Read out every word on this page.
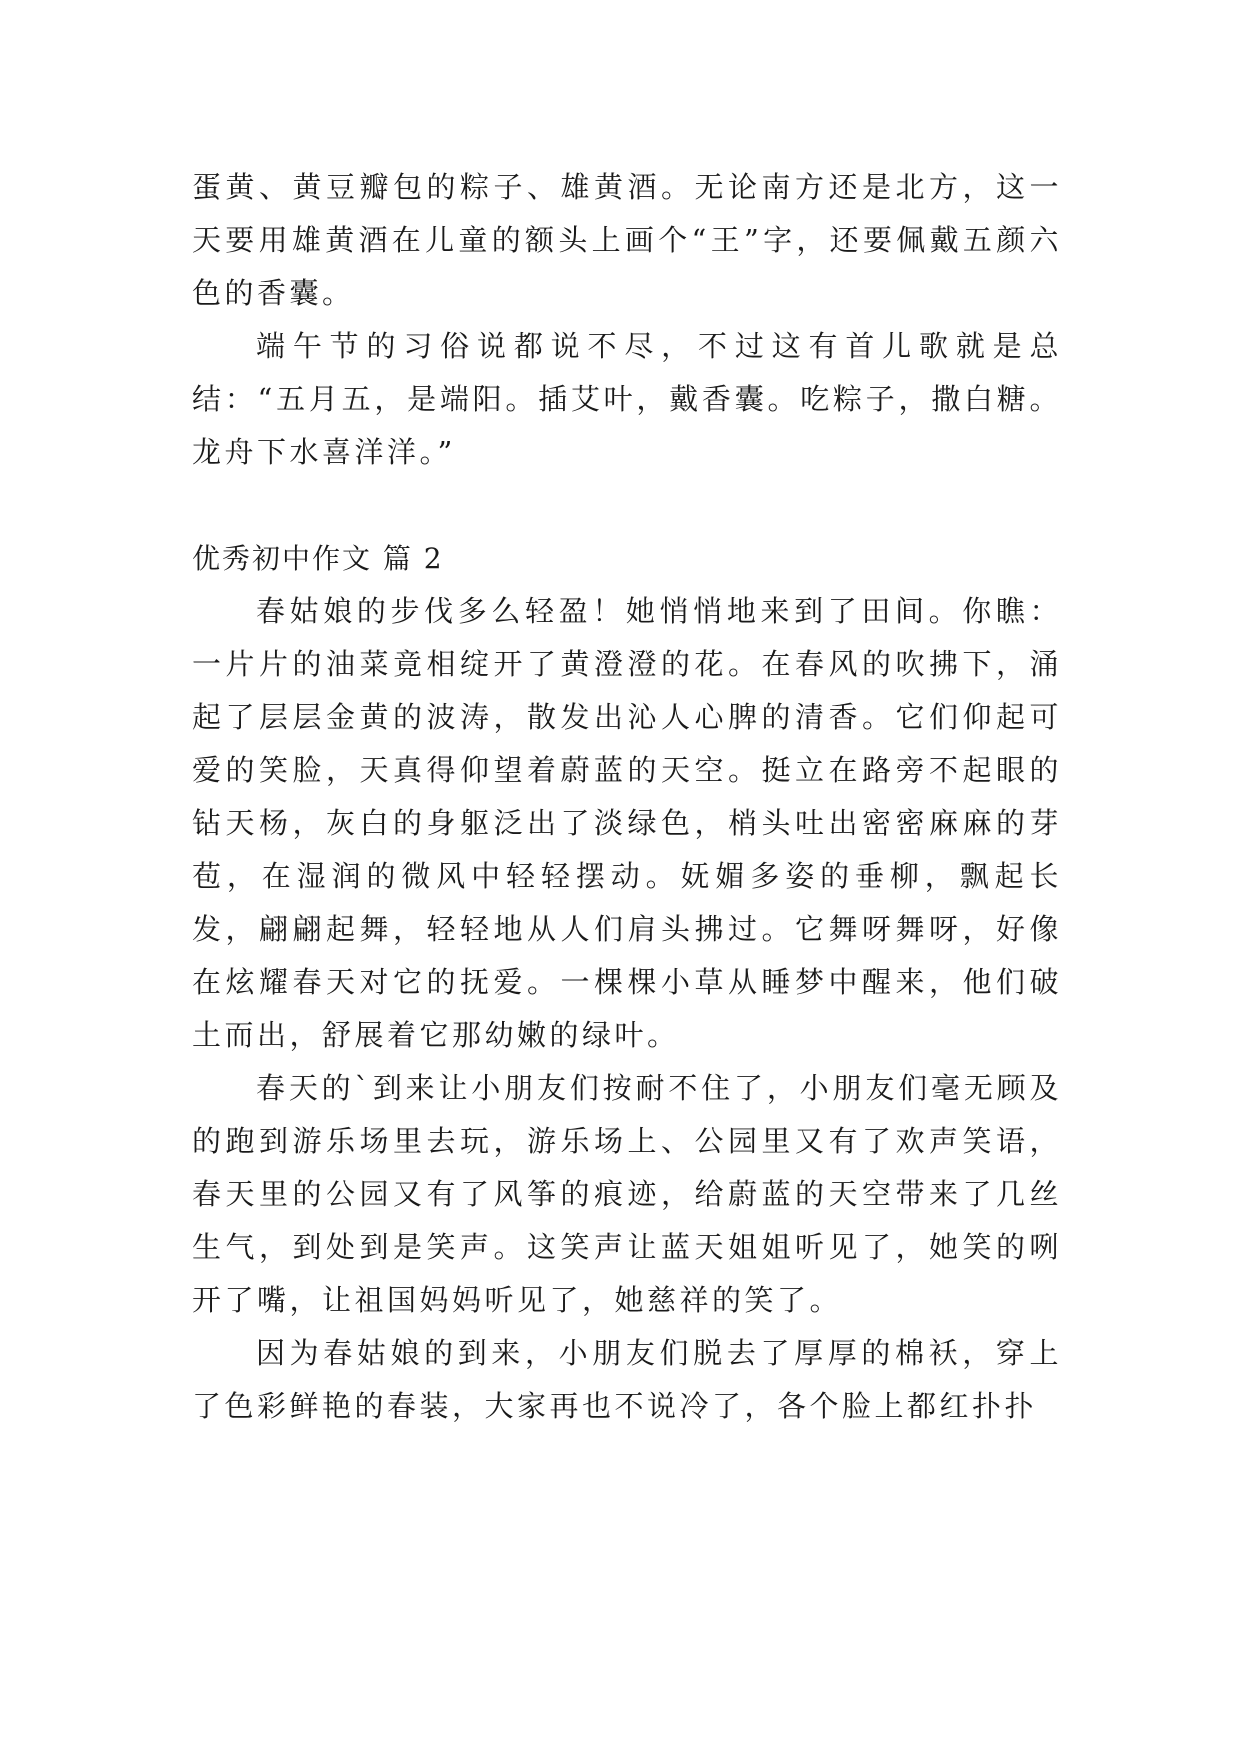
蛋黄、黄豆瓣包的粽子、雄黄酒。无论南方还是北方，这一天要用雄黄酒在儿童的额头上画个“王”字，还要佩戴五颜六色的香囊。

端午节的习俗说都说不尽，不过这有首儿歌就是总结：“五月五，是端阳。插艾叶，戴香囊。吃粽子，撒白糖。龙舟下水喜洋洋。”

优秀初中作文 篇 2

春姑娘的步伐多么轻盈！她悄悄地来到了田间。你瞧：一片片的油菜竟相绽开了黄澄澄的花。在春风的吹拂下，涌起了层层金黄的波涛，散发出沁人心脾的清香。它们仰起可爱的笑脸，天真得仰望着蔚蓝的天空。挺立在路旁不起眼的钻天杨，灰白的身躯泛出了淡绿色，梢头吐出密密麻麻的芽苞，在湿润的微风中轻轻摆动。妩媚多姿的垂柳，飘起长发，翩翩起舞，轻轻地从人们肩头拂过。它舞呀舞呀，好像在炫耀春天对它的抚爱。一棵棵小草从睡梦中醒来，他们破土而出，舒展着它那幼嫩的绿叶。

春天的`到来让小朋友们按耐不住了，小朋友们毫无顾及的跑到游乐场里去玩，游乐场上、公园里又有了欢声笑语，春天里的公园又有了风筝的痕迹，给蔚蓝的天空带来了几丝生气，到处到是笑声。这笑声让蓝天姐姐听见了，她笑的咧开了嘴，让祖国妈妈听见了，她慈祥的笑了。

因为春姑娘的到来，小朋友们脱去了厚厚的棉袄，穿上了色彩鲜艳的春装，大家再也不说冷了，各个脸上都红扑扑
